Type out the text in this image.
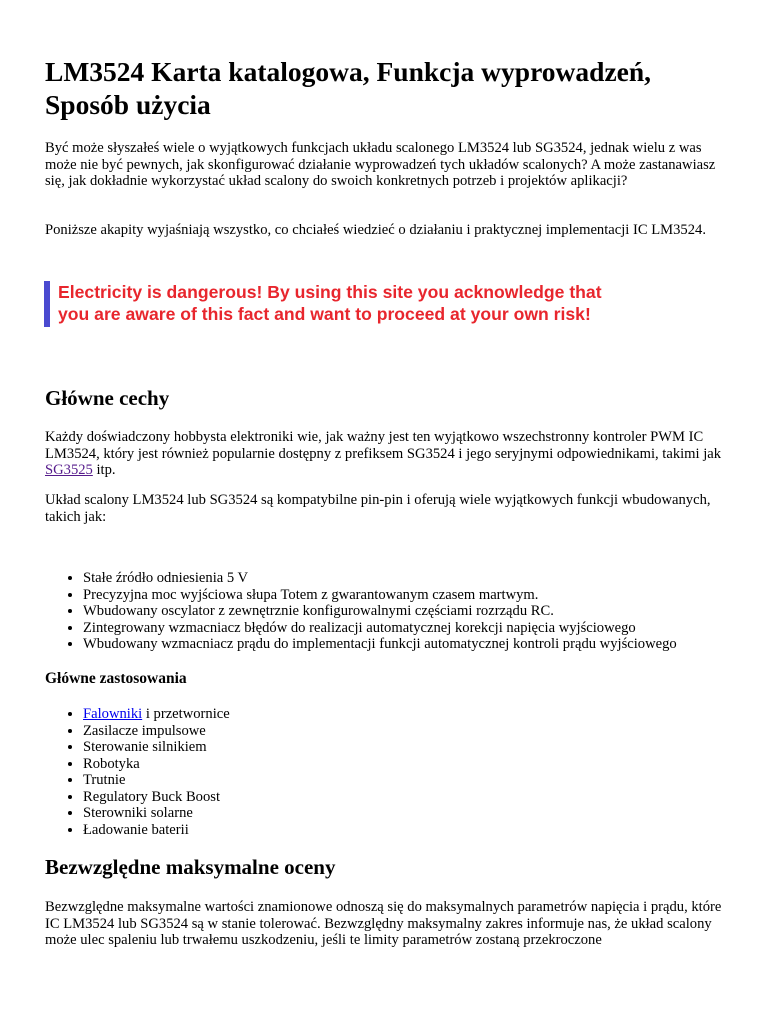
LM3524 Karta katalogowa, Funkcja wyprowadzeń, Sposób użycia

Być może słyszałeś wiele o wyjątkowych funkcjach układu scalonego LM3524 lub SG3524, jednak wielu z was może nie być pewnych, jak skonfigurować działanie wyprowadzeń tych układów scalonych? A może zastanawiasz się, jak dokładnie wykorzystać układ scalony do swoich konkretnych potrzeb i projektów aplikacji?

Poniższe akapity wyjaśniają wszystko, co chciałeś wiedzieć o działaniu i praktycznej implementacji IC LM3524.

Electricity is dangerous! By using this site you acknowledge that
you are aware of this fact and want to proceed at your own risk!
Główne cechy

Każdy doświadczony hobbysta elektroniki wie, jak ważny jest ten wyjątkowo wszechstronny kontroler PWM IC LM3524, który jest również popularnie dostępny z prefiksem SG3524 i jego seryjnymi odpowiednikami, takimi jak SG3525 itp.

Układ scalony LM3524 lub SG3524 są kompatybilne pin-pin i oferują wiele wyjątkowych funkcji wbudowanych, takich jak:

• Stałe źródło odniesienia 5 V
• Precyzyjna moc wyjściowa słupa Totem z gwarantowanym czasem martwym.
• Wbudowany oscylator z zewnętrznie konfigurowalnymi częściami rozrządu RC.
• Zintegrowany wzmacniacz błędów do realizacji automatycznej korekcji napięcia wyjściowego
• Wbudowany wzmacniacz prądu do implementacji funkcji automatycznej kontroli prądu wyjściowego
Główne zastosowania
• Falowniki i przetwornice
• Zasilacze impulsowe
• Sterowanie silnikiem
• Robotyka
• Trutnie
• Regulatory Buck Boost
• Sterowniki solarne
• Ładowanie baterii
Bezwzględne maksymalne oceny

Bezwzględne maksymalne wartości znamionowe odnoszą się do maksymalnych parametrów napięcia i prądu, które IC LM3524 lub SG3524 są w stanie tolerować. Bezwzględny maksymalny zakres informuje nas, że układ scalony może ulec spaleniu lub trwałemu uszkodzeniu, jeśli te limity parametrów zostaną przekroczone
